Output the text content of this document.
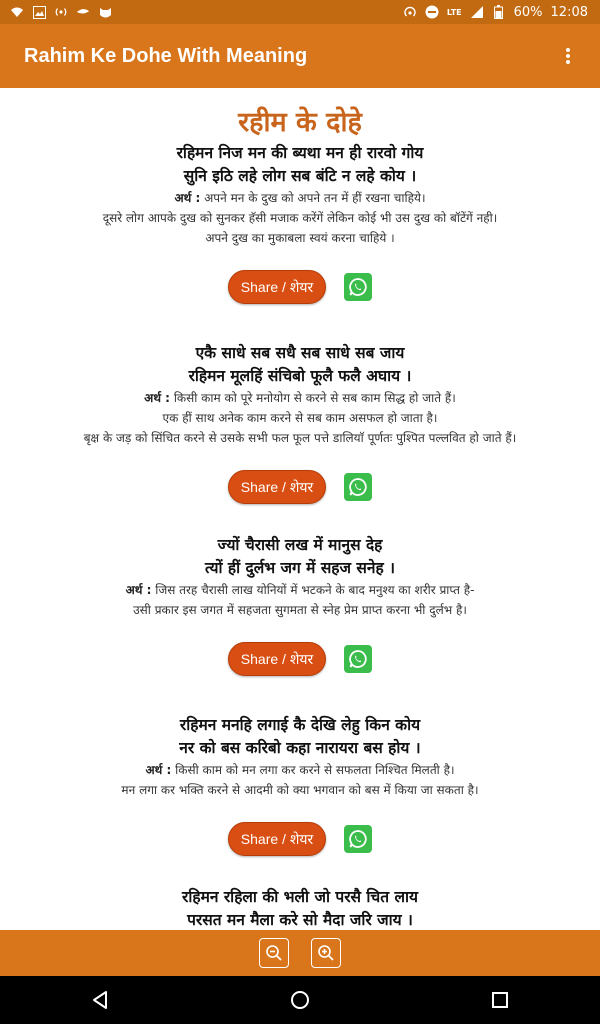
LTE	60% 12:08
Rahim Ke Dohe With Meaning
रहीम के दोहे
रहिमन निज मन की ब्यथा मन ही रारवो गोय
सुनि इठि लहे लोग सब बंटि न लहे कोय ।
अर्थ : अपने मन के दुख को अपने तन में हीं रखना चाहिये।
दूसरे लोग आपके दुख को सुनकर हॅसी मजाक करेंगें लेकिन कोई भी उस दुख को बॉटेंगें नही।
अपने दुख का मुकाबला स्वयं करना चाहिये ।
Share / शेयर
एकै साधे सब सधै सब साधे सब जाय
रहिमन मूलहिं संचिबो फूलै फलै अघाय ।
अर्थ : किसी काम को पूरे मनोयोग से करने से सब काम सिद्ध हो जाते हैं।
एक हीं साथ अनेक काम करने से सब काम असफल हो जाता है।
बृक्ष के जड़ को सिंचित करने से उसके सभी फल फूल पत्ते डालियाॅ पूर्णतः पुश्पित पल्लवित हो जाते हैं।
Share / शेयर
ज्यों चैरासी लख में मानुस देह
त्यों हीं दुर्लभ जग में सहज सनेह ।
अर्थ : जिस तरह चैरासी लाख योनियों में भटकने के बाद मनुश्य का शरीर प्राप्त है-
उसी प्रकार इस जगत में सहजता सुगमता से स्नेह प्रेम प्राप्त करना भी दुर्लभ है।
Share / शेयर
रहिमन मनहि लगाई कै देखि लेहु किन कोय
नर को बस करिबो कहा नारायरा बस होय ।
अर्थ : किसी काम को मन लगा कर करने से सफलता निश्चित मिलती है।
मन लगा कर भक्ति करने से आदमी को क्या भगवान को बस में किया जा सकता है।
Share / शेयर
रहिमन रहिला की भली जो परसै चित लाय
परसत मन मैला करे सो मैदा जरि जाय ।
